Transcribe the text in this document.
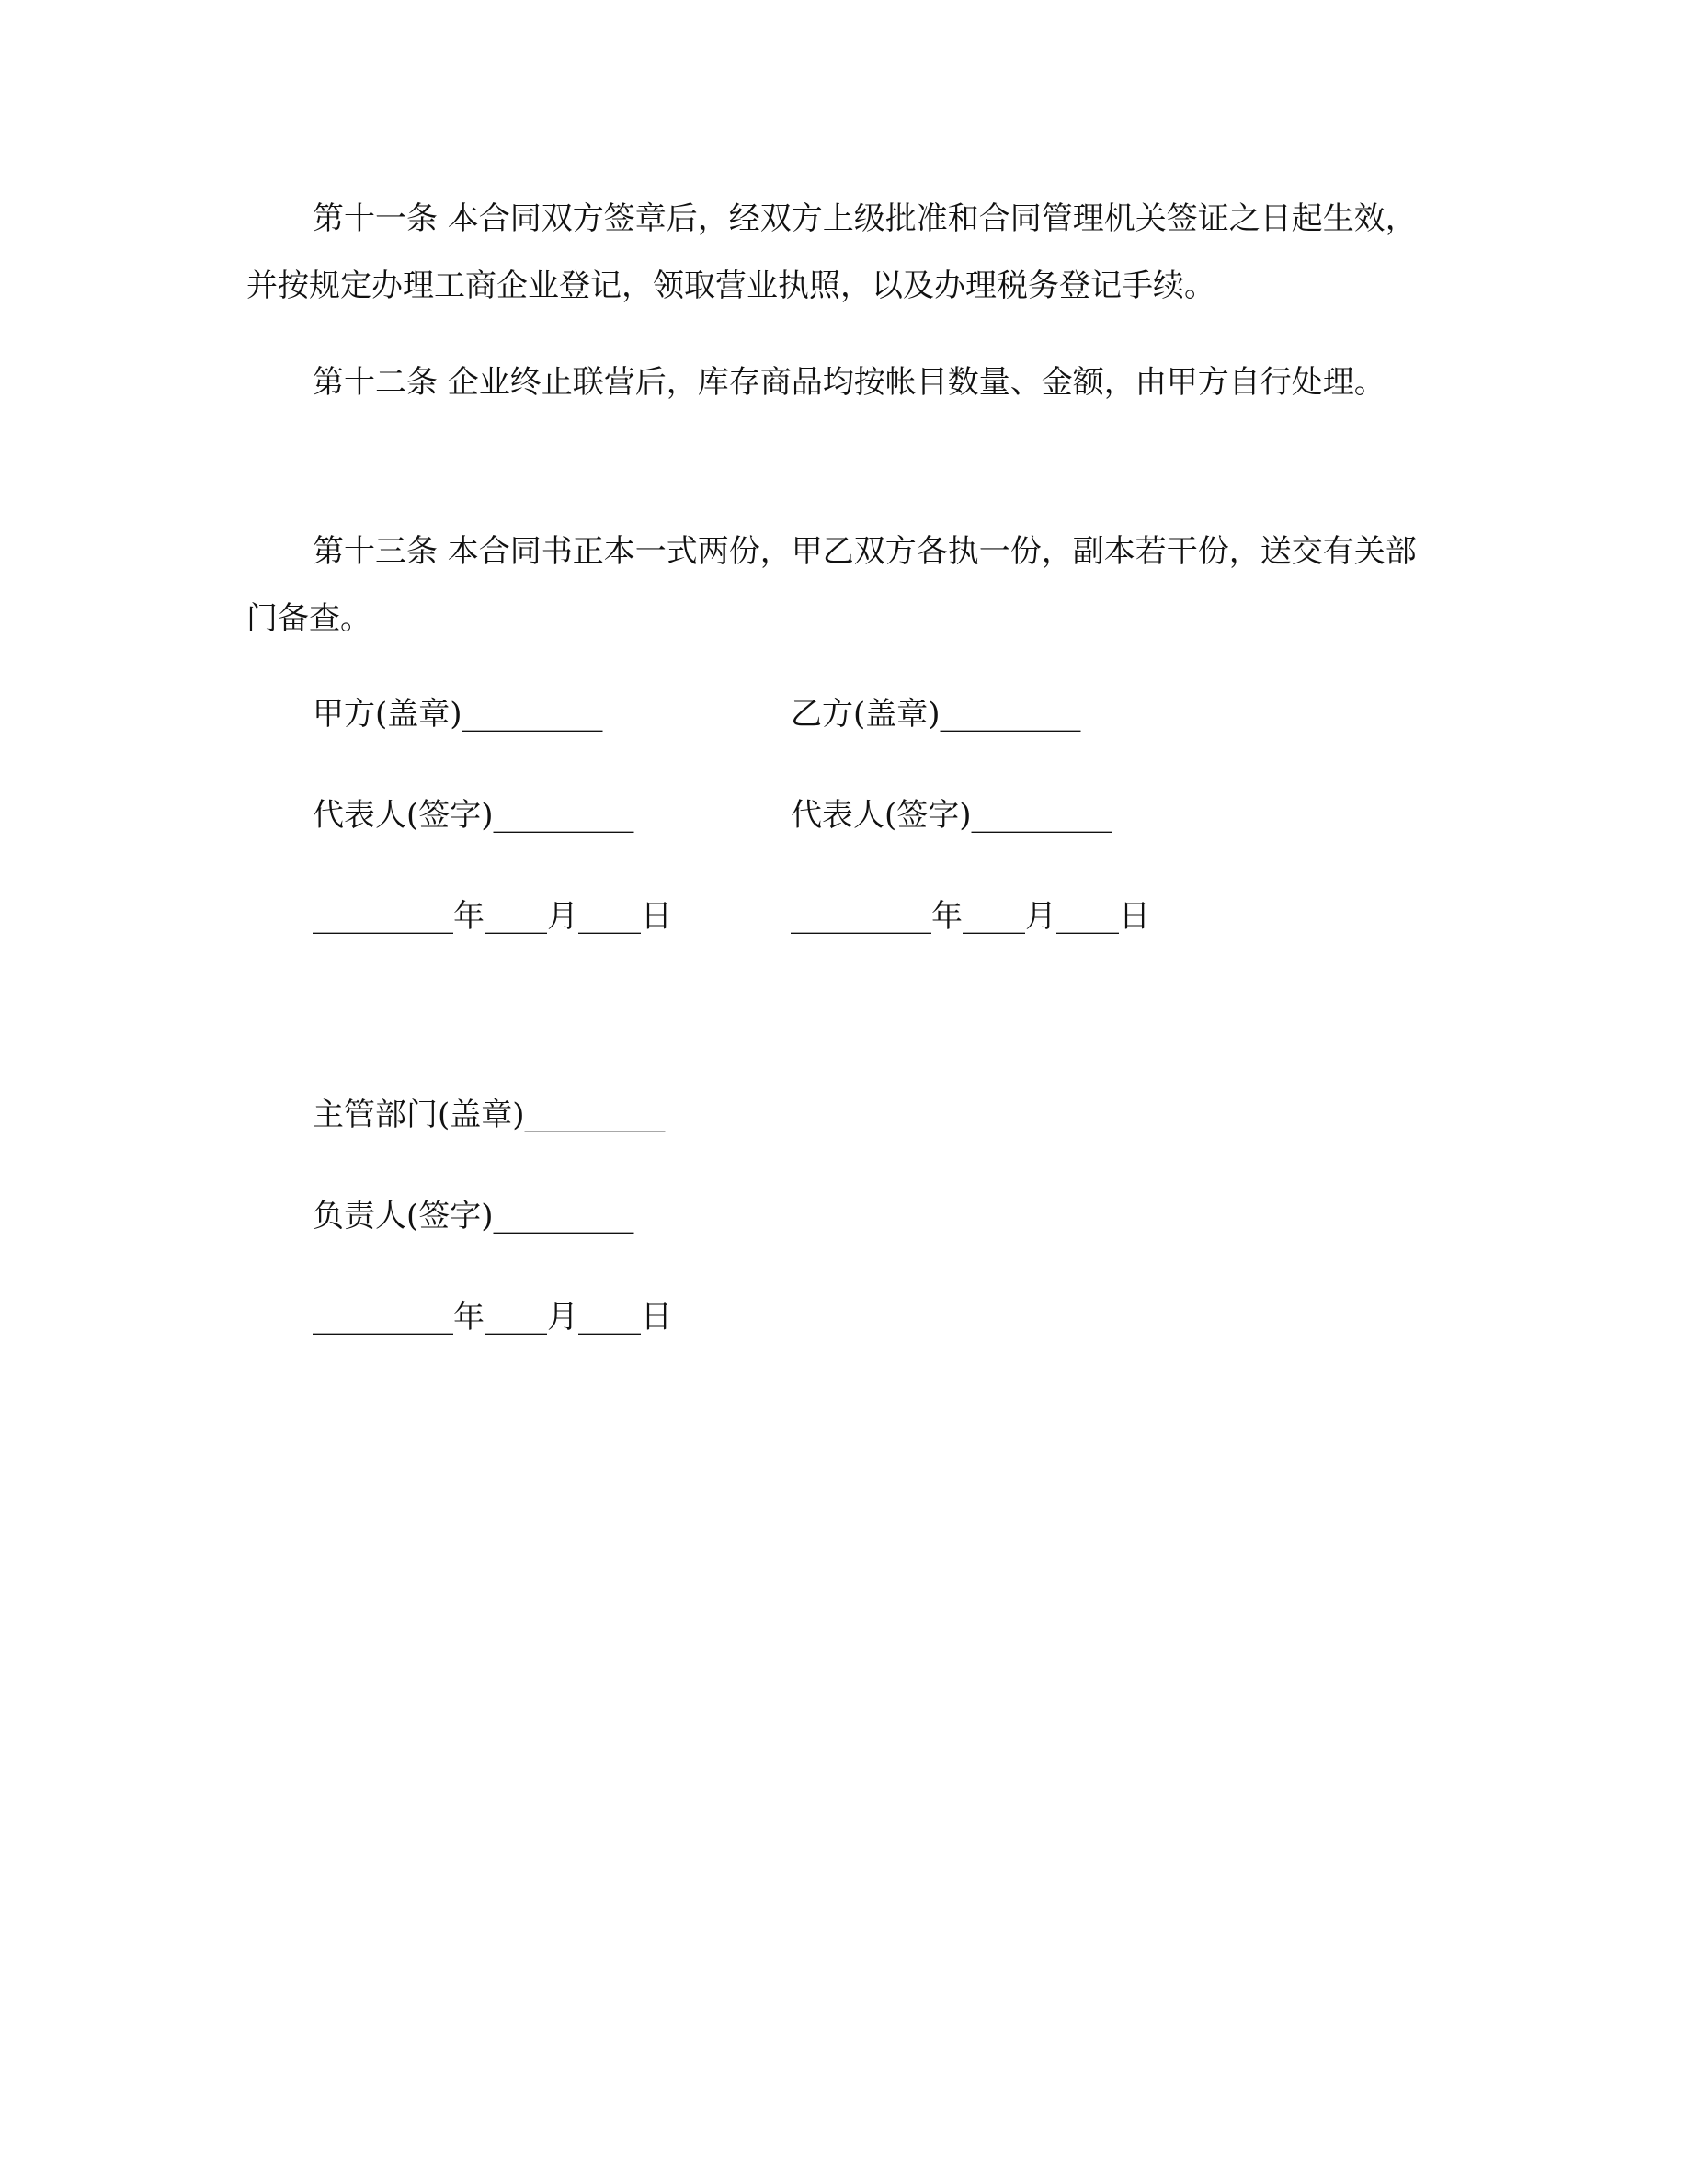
第十一条 本合同双方签章后，经双方上级批准和合同管理机关签证之日起生效，并按规定办理工商企业登记，领取营业执照，以及办理税务登记手续。

第十二条 企业终止联营后，库存商品均按帐目数量、金额，由甲方自行处理。

第十三条 本合同书正本一式两份，甲乙双方各执一份，副本若干份，送交有关部门备查。

甲方(盖章)_________	乙方(盖章)_________
代表人(签字)_________	代表人(签字)_________
_________年____月____日	_________年____月____日
主管部门(盖章)_________
负责人(签字)_________
_________年____月____日
